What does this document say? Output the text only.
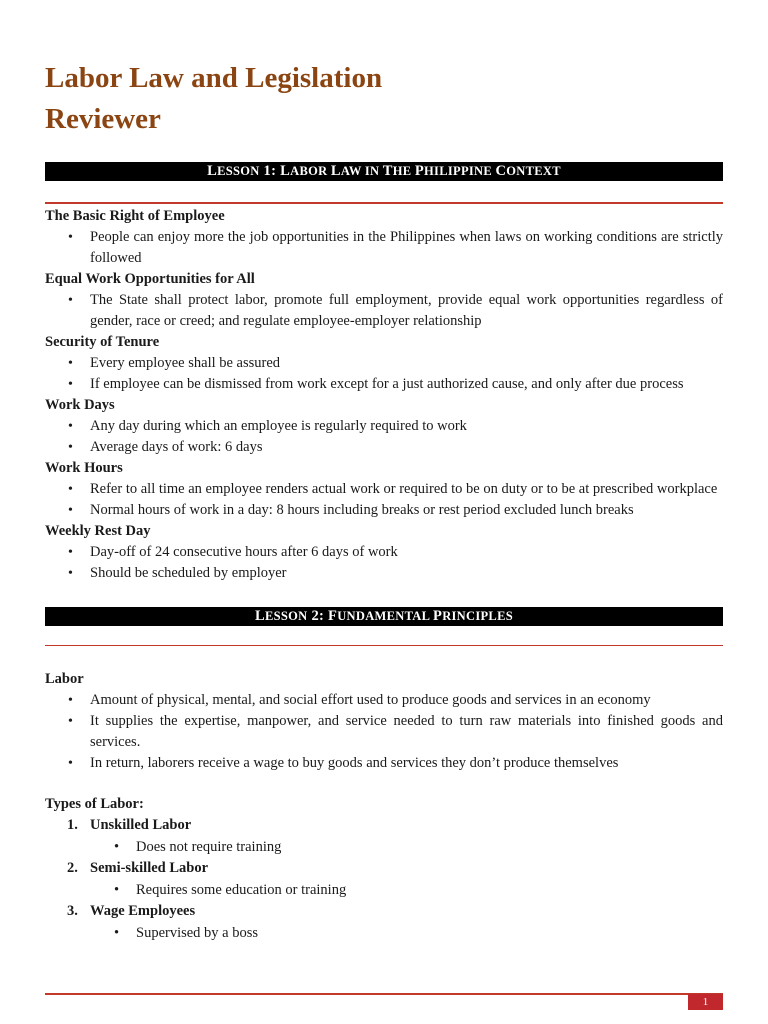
Labor Law and Legislation
Reviewer
LESSON 1: LABOR LAW IN THE PHILIPPINE CONTEXT
The Basic Right of Employee
• People can enjoy more the job opportunities in the Philippines when laws on working conditions are strictly followed
Equal Work Opportunities for All
• The State shall protect labor, promote full employment, provide equal work opportunities regardless of gender, race or creed; and regulate employee-employer relationship
Security of Tenure
• Every employee shall be assured
• If employee can be dismissed from work except for a just authorized cause, and only after due process
Work Days
• Any day during which an employee is regularly required to work
• Average days of work: 6 days
Work Hours
• Refer to all time an employee renders actual work or required to be on duty or to be at prescribed workplace
• Normal hours of work in a day: 8 hours including breaks or rest period excluded lunch breaks
Weekly Rest Day
• Day-off of 24 consecutive hours after 6 days of work
• Should be scheduled by employer
LESSON 2: FUNDAMENTAL PRINCIPLES
Labor
• Amount of physical, mental, and social effort used to produce goods and services in an economy
• It supplies the expertise, manpower, and service needed to turn raw materials into finished goods and services.
• In return, laborers receive a wage to buy goods and services they don’t produce themselves
Types of Labor:
1. Unskilled Labor
• Does not require training
2. Semi-skilled Labor
• Requires some education or training
3. Wage Employees
• Supervised by a boss
1
